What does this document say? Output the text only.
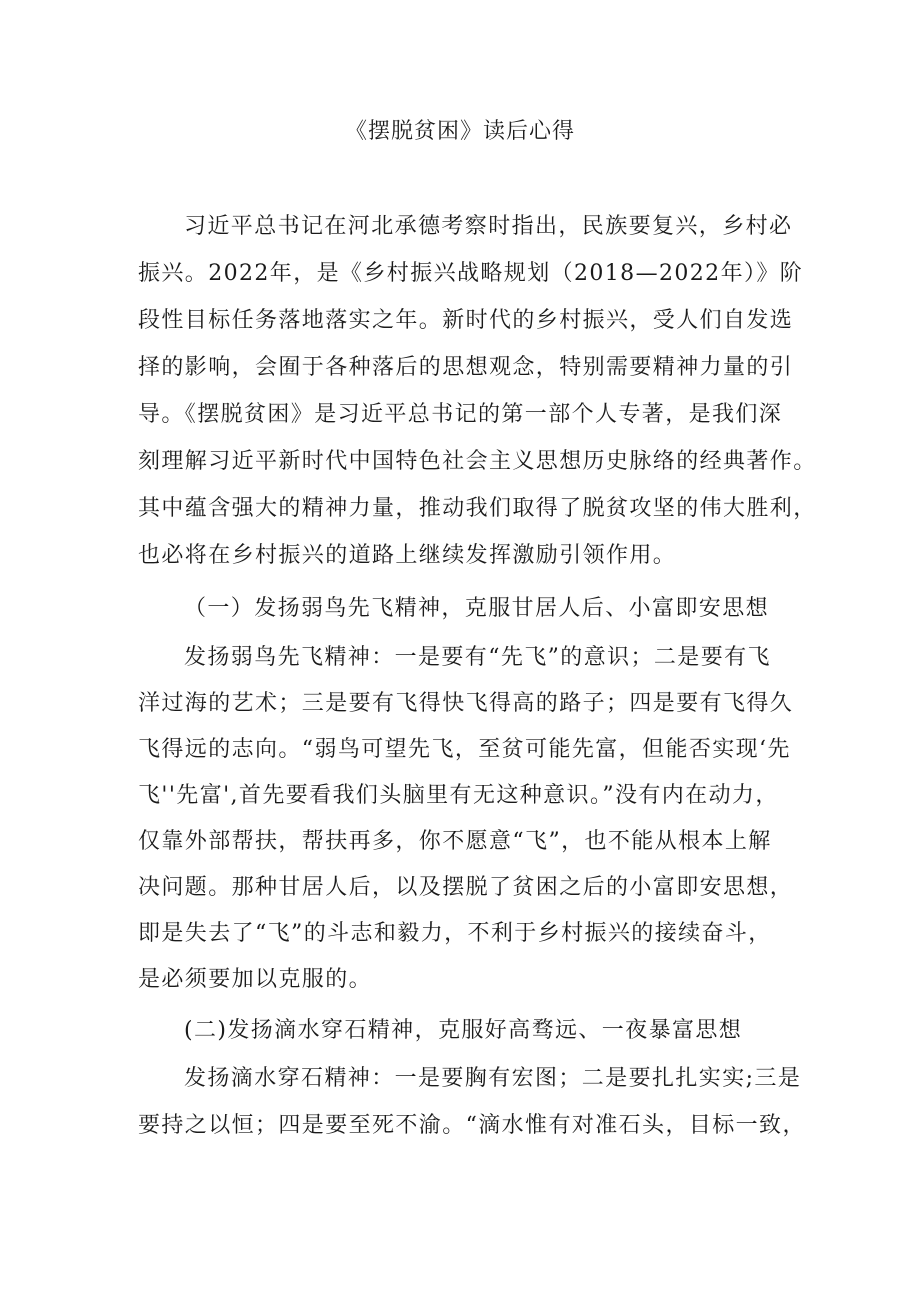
《摆脱贫困》读后心得
习近平总书记在河北承德考察时指出，民族要复兴，乡村必
振兴。2022年，是《乡村振兴战略规划（2018—2022年）》阶
段性目标任务落地落实之年。新时代的乡村振兴，受人们自发选
择的影响，会囿于各种落后的思想观念，特别需要精神力量的引
导。《摆脱贫困》是习近平总书记的第一部个人专著，是我们深
刻理解习近平新时代中国特色社会主义思想历史脉络的经典著作。
其中蕴含强大的精神力量，推动我们取得了脱贫攻坚的伟大胜利，
也必将在乡村振兴的道路上继续发挥激励引领作用。
（一）发扬弱鸟先飞精神，克服甘居人后、小富即安思想
发扬弱鸟先飞精神：一是要有“先飞”的意识；二是要有飞
洋过海的艺术；三是要有飞得快飞得高的路子；四是要有飞得久
飞得远的志向。“弱鸟可望先飞，至贫可能先富，但能否实现‘先
飞''先富',首先要看我们头脑里有无这种意识。”没有内在动力，
仅靠外部帮扶，帮扶再多，你不愿意“飞”，也不能从根本上解
决问题。那种甘居人后，以及摆脱了贫困之后的小富即安思想，
即是失去了“飞”的斗志和毅力，不利于乡村振兴的接续奋斗，
是必须要加以克服的。
(二)发扬滴水穿石精神，克服好高骛远、一夜暴富思想
发扬滴水穿石精神：一是要胸有宏图；二是要扎扎实实;三是
要持之以恒；四是要至死不渝。“滴水惟有对准石头，目标一致，
